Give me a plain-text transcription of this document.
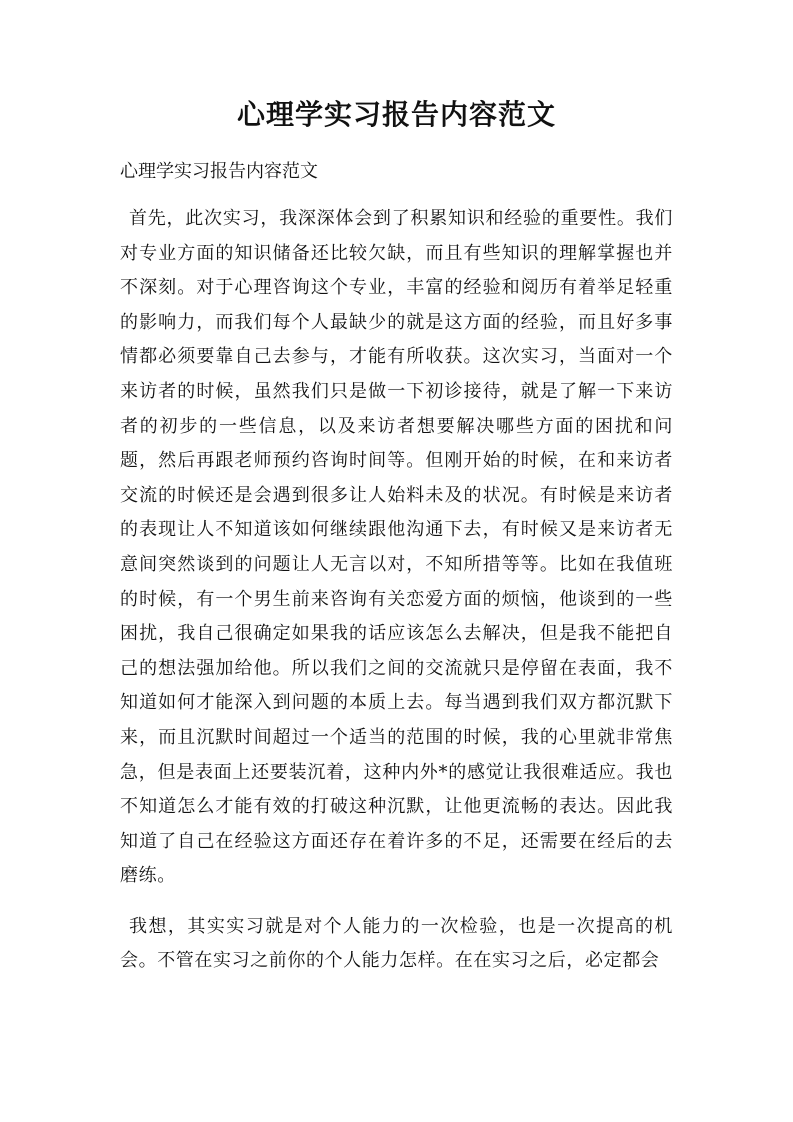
心理学实习报告内容范文

心理学实习报告内容范文

首先，此次实习，我深深体会到了积累知识和经验的重要性。我们对专业方面的知识储备还比较欠缺，而且有些知识的理解掌握也并不深刻。对于心理咨询这个专业，丰富的经验和阅历有着举足轻重的影响力，而我们每个人最缺少的就是这方面的经验，而且好多事情都必须要靠自己去参与，才能有所收获。这次实习，当面对一个来访者的时候，虽然我们只是做一下初诊接待，就是了解一下来访者的初步的一些信息，以及来访者想要解决哪些方面的困扰和问题，然后再跟老师预约咨询时间等。但刚开始的时候，在和来访者交流的时候还是会遇到很多让人始料未及的状况。有时候是来访者的表现让人不知道该如何继续跟他沟通下去，有时候又是来访者无意间突然谈到的问题让人无言以对，不知所措等等。比如在我值班的时候，有一个男生前来咨询有关恋爱方面的烦恼，他谈到的一些困扰，我自己很确定如果我的话应该怎么去解决，但是我不能把自己的想法强加给他。所以我们之间的交流就只是停留在表面，我不知道如何才能深入到问题的本质上去。每当遇到我们双方都沉默下来，而且沉默时间超过一个适当的范围的时候，我的心里就非常焦急，但是表面上还要装沉着，这种内外*的感觉让我很难适应。我也不知道怎么才能有效的打破这种沉默，让他更流畅的表达。因此我知道了自己在经验这方面还存在着许多的不足，还需要在经后的去磨练。

我想，其实实习就是对个人能力的一次检验，也是一次提高的机会。不管在实习之前你的个人能力怎样。在在实习之后，必定都会
